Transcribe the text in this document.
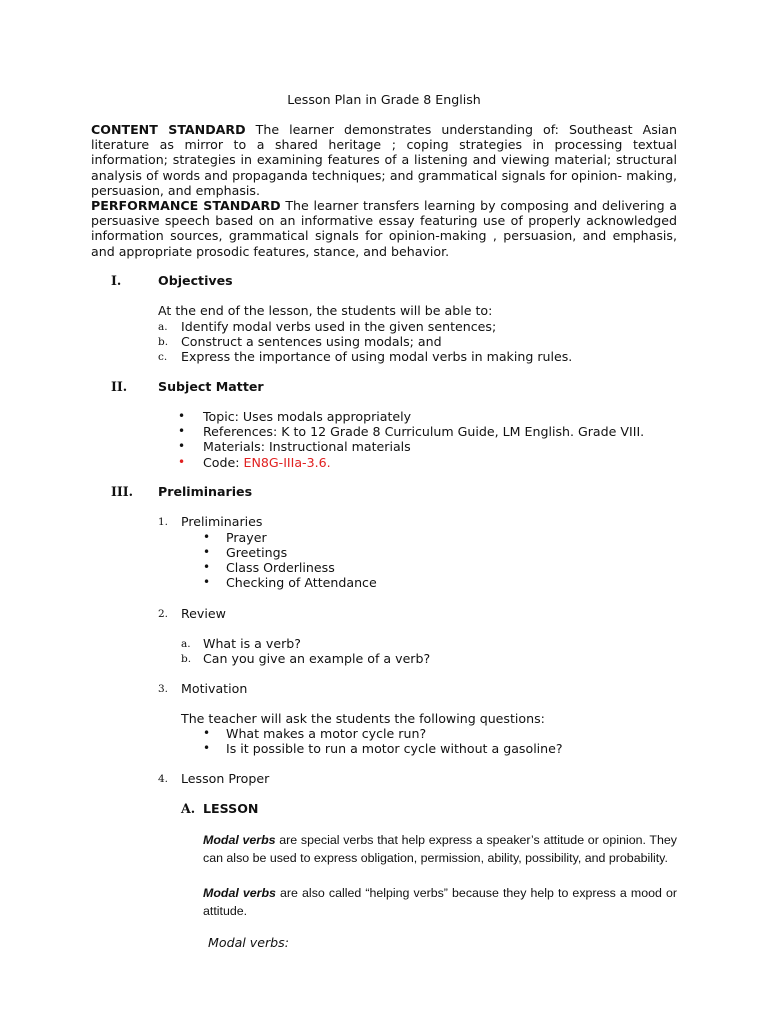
Lesson Plan in Grade 8 English
CONTENT STANDARD The learner demonstrates understanding of: Southeast Asian literature as mirror to a shared heritage ; coping strategies in processing textual information; strategies in examining features of a listening and viewing material; structural analysis of words and propaganda techniques; and grammatical signals for opinion- making, persuasion, and emphasis.
PERFORMANCE STANDARD The learner transfers learning by composing and delivering a persuasive speech based on an informative essay featuring use of properly acknowledged information sources, grammatical signals for opinion-making , persuasion, and emphasis, and appropriate prosodic features, stance, and behavior.
I.	Objectives
At the end of the lesson, the students will be able to:
a. Identify modal verbs used in the given sentences;
b. Construct a sentences using modals; and
c. Express the importance of using modal verbs in making rules.
II. Subject Matter
• Topic: Uses modals appropriately
• References: K to 12 Grade 8 Curriculum Guide, LM English. Grade VIII.
• Materials: Instructional materials
• Code: EN8G-IIIa-3.6.
III. Preliminaries
1. Preliminaries
• Prayer
• Greetings
• Class Orderliness
• Checking of Attendance
2. Review
a. What is a verb?
b. Can you give an example of a verb?
3. Motivation
The teacher will ask the students the following questions:
• What makes a motor cycle run?
• Is it possible to run a motor cycle without a gasoline?
4. Lesson Proper
A. LESSON
Modal verbs are special verbs that help express a speaker’s attitude or opinion. They can also be used to express obligation, permission, ability, possibility, and probability.
Modal verbs are also called “helping verbs” because they help to express a mood or attitude.
Modal verbs:
